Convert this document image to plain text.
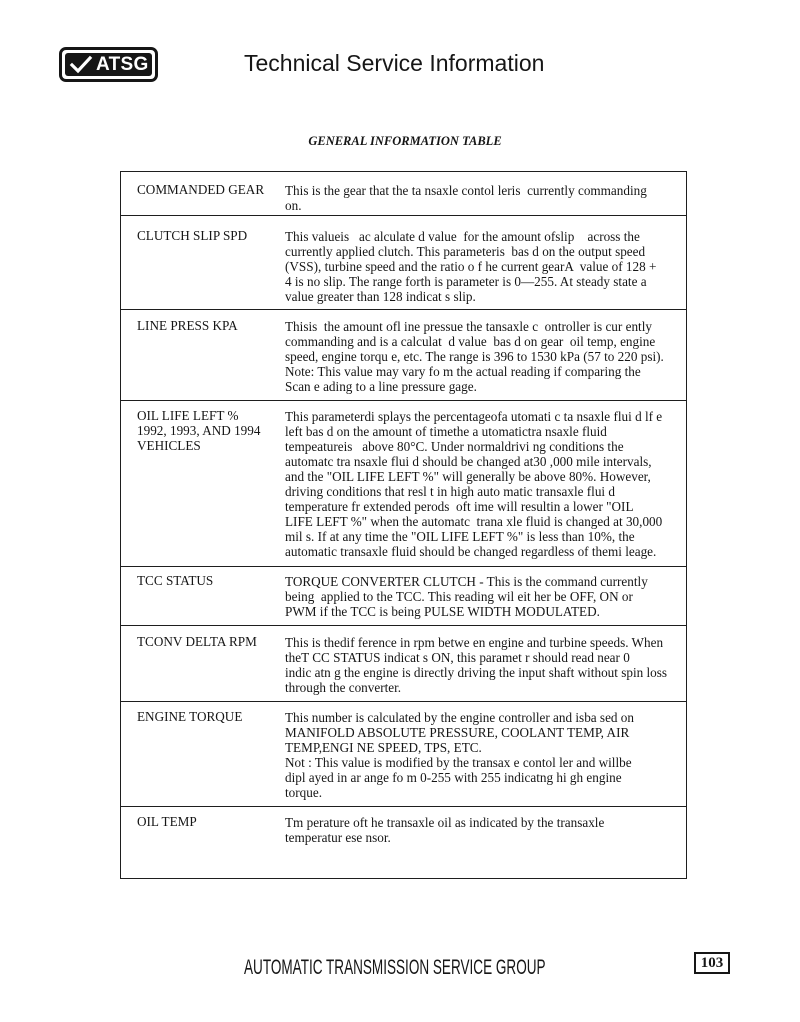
ATSG	Technical Service Information
GENERAL INFORMATION TABLE
COMMANDED GEAR This is the gear that the ta nsaxle contol leris  currently commanding
on.
CLUTCH SLIP SPD	This valueis   ac alculate d value  for the amount ofslip    across the
currently applied clutch. This parameteris  bas d on the output speed
(VSS), turbine speed and the ratio o f he current gearA  value of 128 +
4 is no slip. The range forth is parameter is 0—255. At steady state a
value greater than 128 indicat s slip.
LINE PRESS KPA	Thisis  the amount ofl ine pressue the tansaxle c  ontroller is cur ently
commanding and is a calculat  d value  bas d on gear  oil temp, engine
speed, engine torqu e, etc. The range is 396 to 1530 kPa (57 to 220 psi).
Note: This value may vary fo m the actual reading if comparing the
Scan e ading to a line pressure gage.
OIL LIFE LEFT %
1992, 1993, AND 1994
VEHICLES
This parameterdi splays the percentageofa utomati c ta nsaxle flui d lf e
left bas d on the amount of timethe a utomatictra nsaxle fluid
tempeatureis   above 80°C. Under normaldrivi ng conditions the
automatc tra nsaxle flui d should be changed at30 ,000 mile intervals,
and the "OIL LIFE LEFT %" will generally be above 80%. However,
driving conditions that resl t in high auto matic transaxle flui d
temperature fr extended perods  oft ime will resultin a lower "OIL
LIFE LEFT %" when the automatc  trana xle fluid is changed at 30,000
mil s. If at any time the "OIL LIFE LEFT %" is less than 10%, the
automatic transaxle fluid should be changed regardless of themi leage.
TCC STATUS	TORQUE CONVERTER CLUTCH - This is the command currently
being  applied to the TCC. This reading wil eit her be OFF, ON or
PWM if the TCC is being PULSE WIDTH MODULATED.
TCONV DELTA RPM This is thedif ference in rpm betwe en engine and turbine speeds. When
theT CC STATUS indicat s ON, this paramet r should read near 0
indic atn g the engine is directly driving the input shaft without spin loss
through the converter.
ENGINE TORQUE	This number is calculated by the engine controller and isba sed on
MANIFOLD ABSOLUTE PRESSURE, COOLANT TEMP, AIR
TEMP,ENGI NE SPEED, TPS, ETC.
Not : This value is modified by the transax e contol ler and willbe
dipl ayed in ar ange fo m 0-255 with 255 indicatng hi gh engine
torque.
OIL TEMP	Tm perature oft he transaxle oil as indicated by the transaxle
temperatur ese nsor.
AUTOMATIC TRANSMISSION SERVICE GROUP	103
